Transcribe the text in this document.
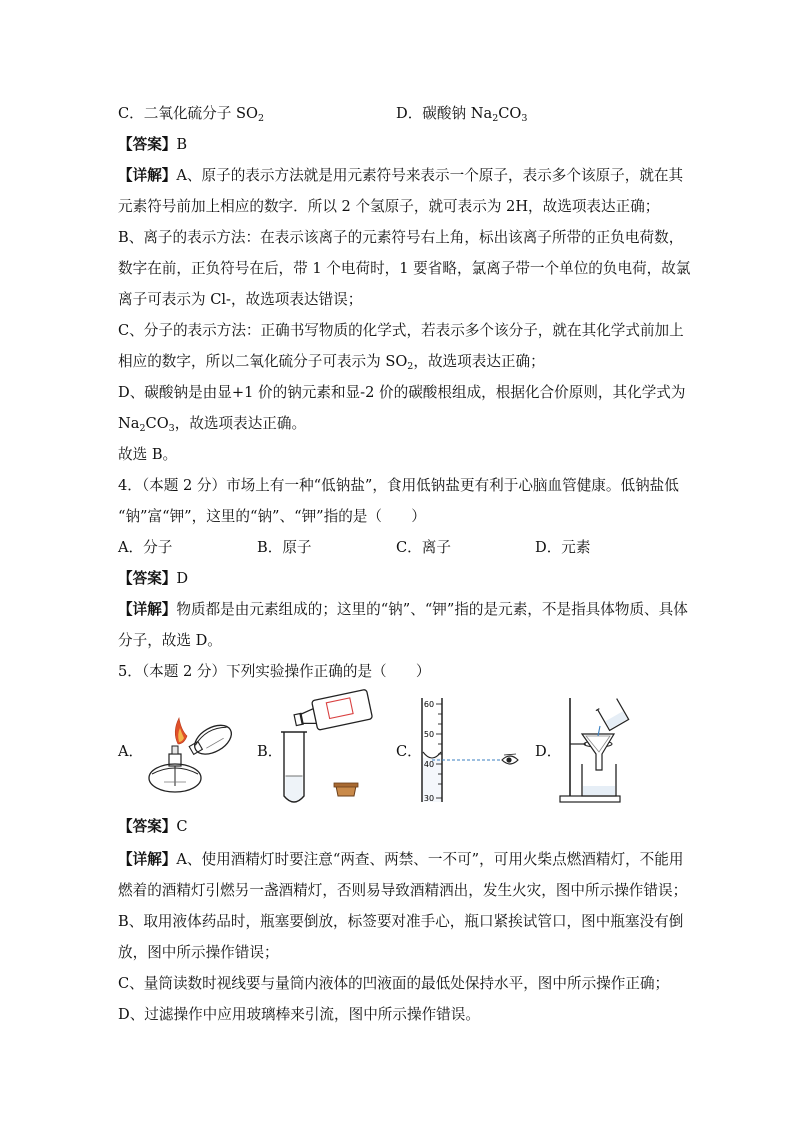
C．二氧化硫分子 $SO_2$	D．碳酸钠 $Na_2CO_3$
【答案】B
【详解】A、原子的表示方法就是用元素符号来表示一个原子，表示多个该原子，就在其
元素符号前加上相应的数字．所以 2 个氢原子，就可表示为 2H，故选项表达正确；
B、离子的表示方法：在表示该离子的元素符号右上角，标出该离子所带的正负电荷数，
数字在前，正负符号在后，带 1 个电荷时，1 要省略，氯离子带一个单位的负电荷，故氯
离子可表示为 Cl-，故选项表达错误；
C、分子的表示方法：正确书写物质的化学式，若表示多个该分子，就在其化学式前加上
相应的数字，所以二氧化硫分子可表示为 $SO_2$，故选项表达正确；
D、碳酸钠是由显+1 价的钠元素和显-2 价的碳酸根组成，根据化合价原则，其化学式为
$Na_2CO_3$，故选项表达正确。
故选 B。
4．（本题 2 分）市场上有一种“低钠盐”，食用低钠盐更有利于心脑血管健康。低钠盐低
“钠”富“钾”，这里的“钠”、“钾”指的是（　　）
A．分子	B．原子	C．离子	D．元素
【答案】D
【详解】物质都是由元素组成的；这里的“钠”、“钾”指的是元素，不是指具体物质、具体
分子，故选 D。
5．（本题 2 分）下列实验操作正确的是（　　）
A．	B．	C．
60
50
40
30
D．
【答案】C
【详解】A、使用酒精灯时要注意“两查、两禁、一不可”，可用火柴点燃酒精灯，不能用
燃着的酒精灯引燃另一盏酒精灯，否则易导致酒精洒出，发生火灾，图中所示操作错误；
B、取用液体药品时，瓶塞要倒放，标签要对准手心，瓶口紧挨试管口，图中瓶塞没有倒
放，图中所示操作错误；
C、量筒读数时视线要与量筒内液体的凹液面的最低处保持水平，图中所示操作正确；
D、过滤操作中应用玻璃棒来引流，图中所示操作错误。
